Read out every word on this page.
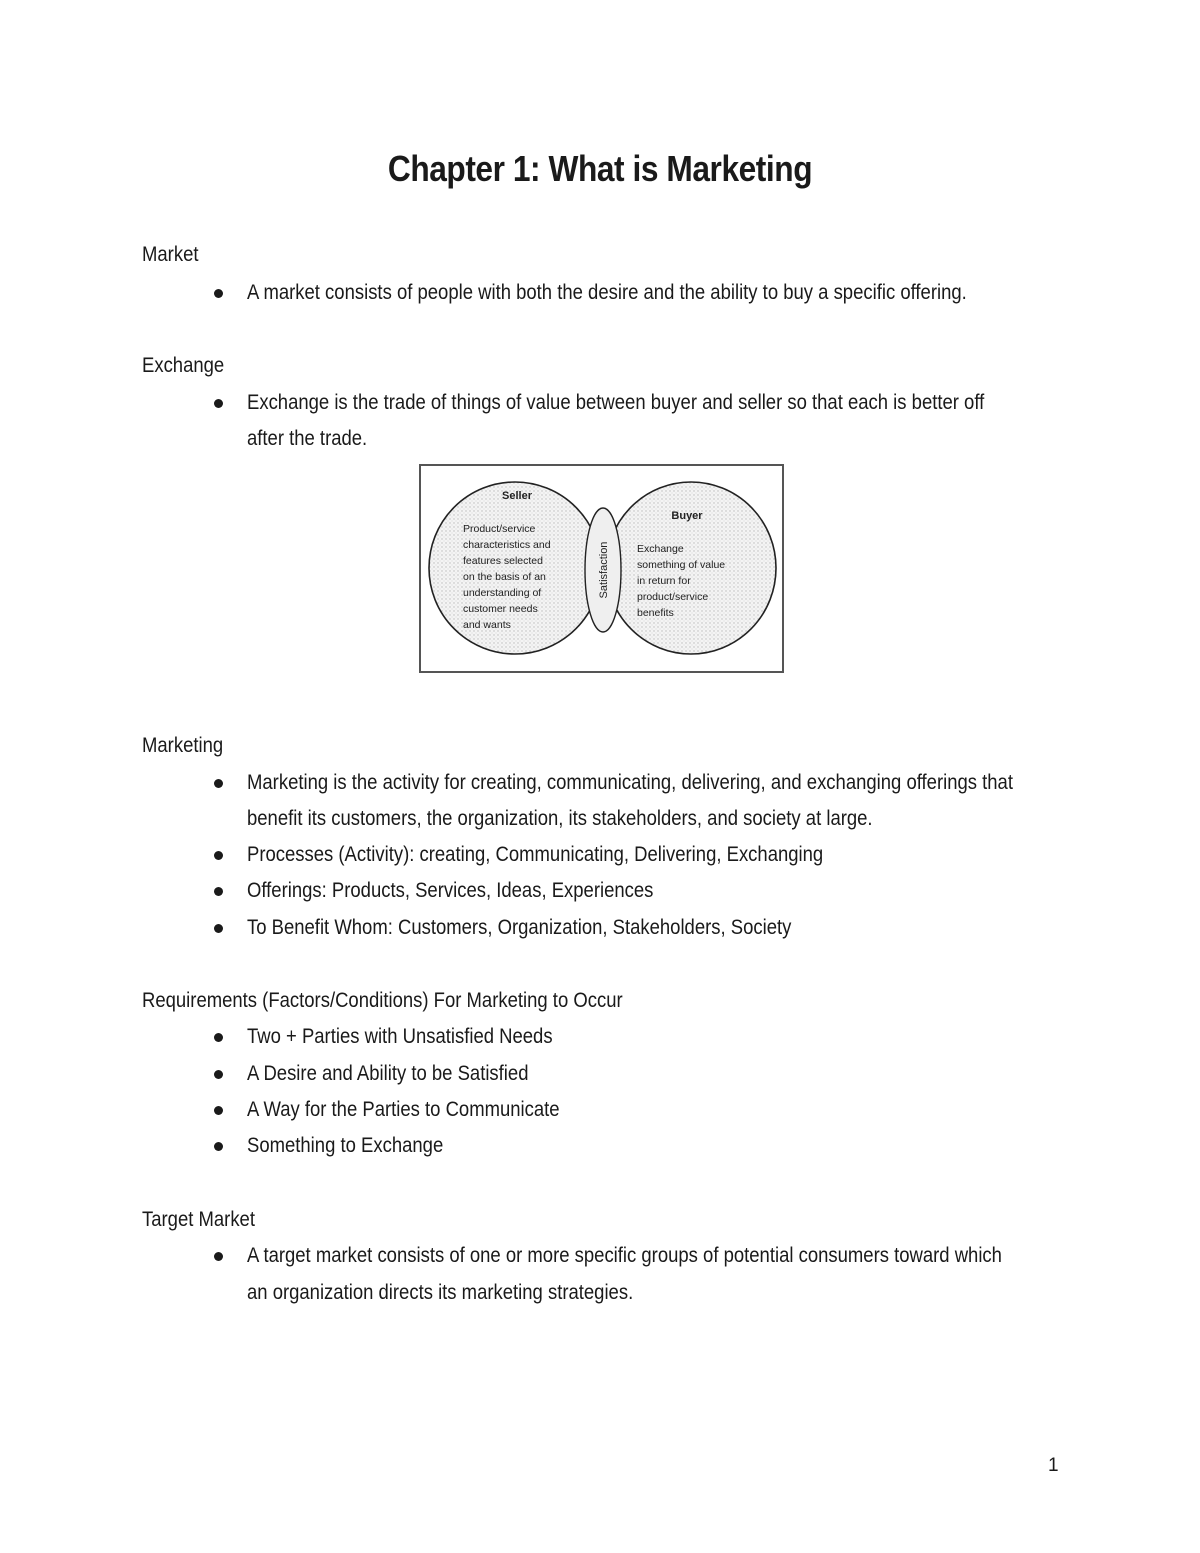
Chapter 1: What is Marketing
Market
A market consists of people with both the desire and the ability to buy a specific offering.
Exchange
Exchange is the trade of things of value between buyer and seller so that each is better off
after the trade.
Seller
Product/service
characteristics and
features selected
on the basis of an
understanding of
customer needs
and wants
Buyer
Exchange
something of value
in return for
product/service
benefits
Satisfaction
Marketing
Marketing is the activity for creating, communicating, delivering, and exchanging offerings that
benefit its customers, the organization, its stakeholders, and society at large.
Processes (Activity): creating, Communicating, Delivering, Exchanging
Offerings: Products, Services, Ideas, Experiences
To Benefit Whom: Customers, Organization, Stakeholders, Society
Requirements (Factors/Conditions) For Marketing to Occur
Two + Parties with Unsatisfied Needs
A Desire and Ability to be Satisfied
A Way for the Parties to Communicate
Something to Exchange
Target Market
A target market consists of one or more specific groups of potential consumers toward which
an organization directs its marketing strategies.
1
